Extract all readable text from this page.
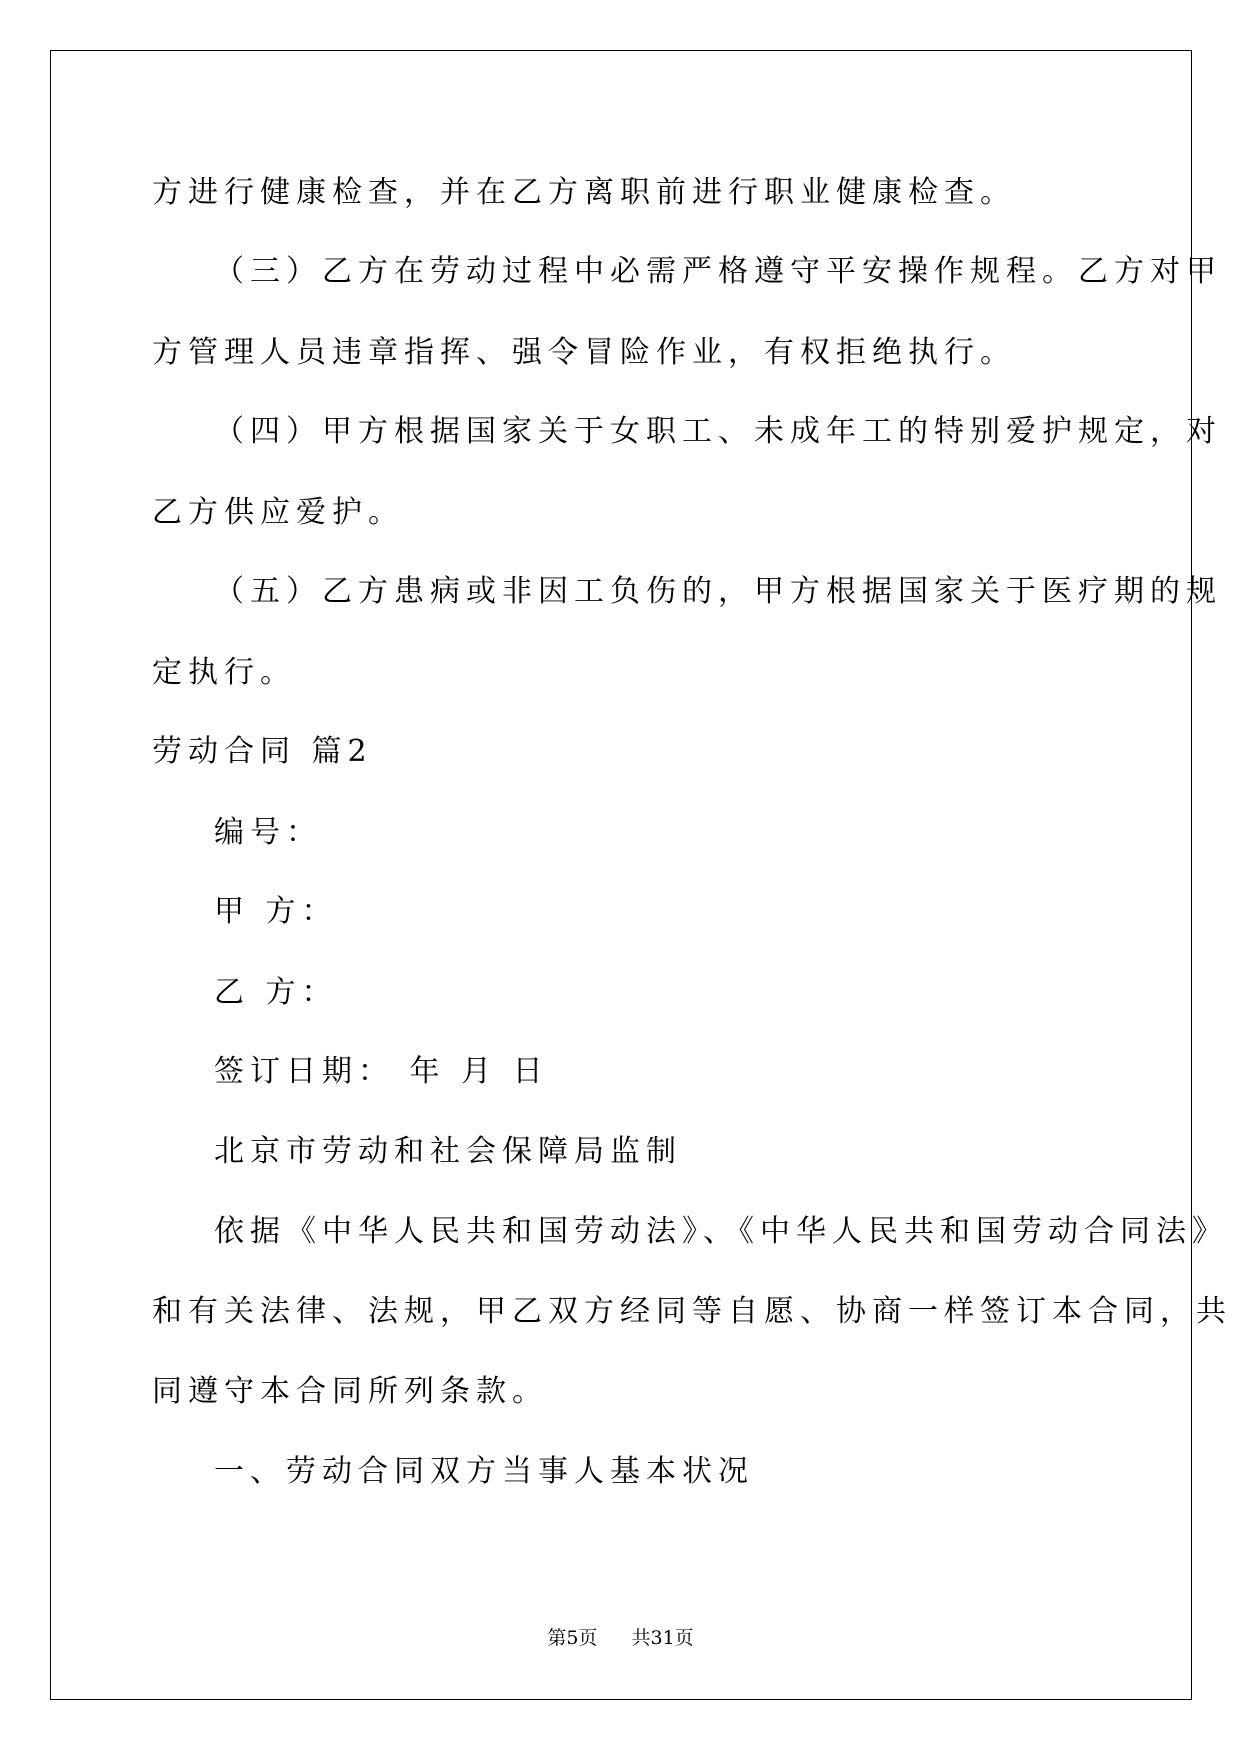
方进行健康检查，并在乙方离职前进行职业健康检查。
（三）乙方在劳动过程中必需严格遵守平安操作规程。乙方对甲
方管理人员违章指挥、强令冒险作业，有权拒绝执行。
（四）甲方根据国家关于女职工、未成年工的特别爱护规定，对
乙方供应爱护。
（五）乙方患病或非因工负伤的，甲方根据国家关于医疗期的规
定执行。
劳动合同 篇2
编号：
甲 方：
乙 方：
签订日期： 年 月 日
北京市劳动和社会保障局监制
依据《中华人民共和国劳动法》、《中华人民共和国劳动合同法》
和有关法律、法规，甲乙双方经同等自愿、协商一样签订本合同，共
同遵守本合同所列条款。
一、劳动合同双方当事人基本状况
第5页 共31页
